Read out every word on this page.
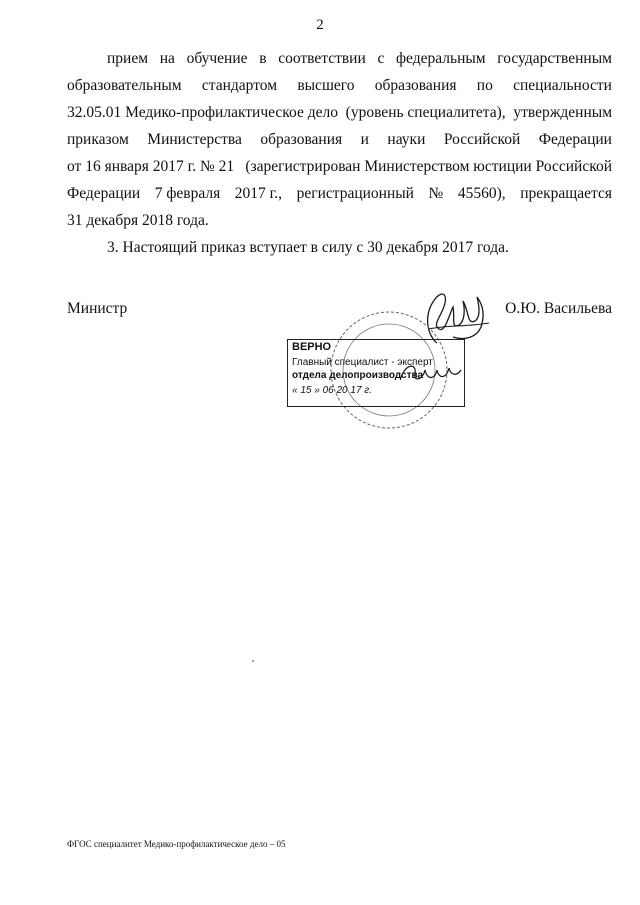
2
прием на обучение в соответствии с федеральным государственным
образовательным стандартом высшего образования по специальности
32.05.01 Медико-профилактическое дело (уровень специалитета), утвержденным
приказом Министерства образования и науки Российской Федерации
от 16 января 2017 г. № 21 (зарегистрирован Министерством юстиции Российской
Федерации 7 февраля 2017 г., регистрационный № 45560), прекращается
31 декабря 2018 года.
3. Настоящий приказ вступает в силу с 30 декабря 2017 года.
Министр	О.Ю. Васильева
ВЕРНО
Главный специалист - эксперт
отдела делопроизводства
« 15 » 06 20 17 г.
ФГОС специалитет Медико-профилактическое дело – 05
